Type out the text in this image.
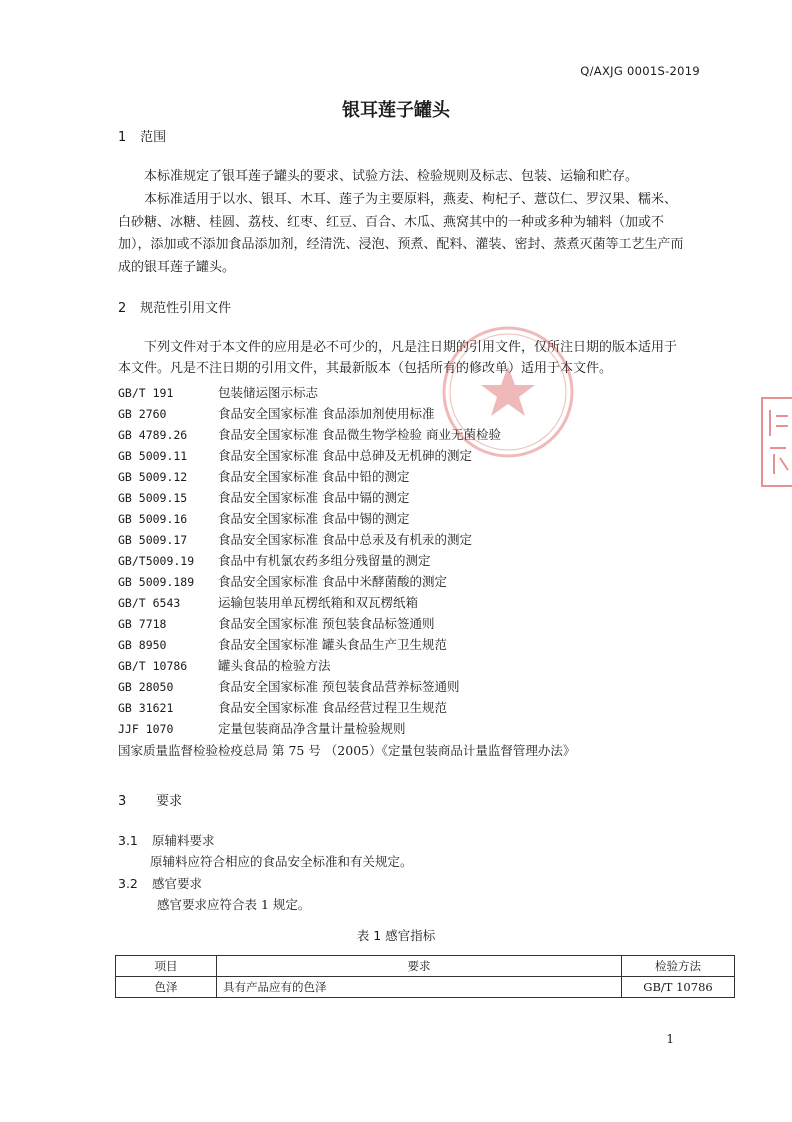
Q/AXJG 0001S-2019
银耳莲子罐头
1 范围

本标准规定了银耳莲子罐头的要求、试验方法、检验规则及标志、包装、运输和贮存。

本标准适用于以水、银耳、木耳、莲子为主要原料，燕麦、枸杞子、薏苡仁、罗汉果、糯米、白砂糖、冰糖、桂圆、荔枝、红枣、红豆、百合、木瓜、燕窝其中的一种或多种为辅料（加或不加），添加或不添加食品添加剂，经清洗、浸泡、预煮、配料、灌装、密封、蒸煮灭菌等工艺生产而成的银耳莲子罐头。

2 规范性引用文件

下列文件对于本文件的应用是必不可少的，凡是注日期的引用文件，仅所注日期的版本适用于本文件。凡是不注日期的引用文件，其最新版本（包括所有的修改单）适用于本文件。

GB/T 191	包装储运图示标志
GB 2760	食品安全国家标准 食品添加剂使用标准
GB 4789.26 食品安全国家标准 食品微生物学检验 商业无菌检验
GB 5009.11 食品安全国家标准 食品中总砷及无机砷的测定
GB 5009.12 食品安全国家标准 食品中铅的测定
GB 5009.15 食品安全国家标准 食品中镉的测定
GB 5009.16 食品安全国家标准 食品中锡的测定
GB 5009.17 食品安全国家标准 食品中总汞及有机汞的测定
GB/T5009.19 食品中有机氯农药多组分残留量的测定
GB 5009.189 食品安全国家标准 食品中米酵菌酸的测定
GB/T 6543	运输包装用单瓦楞纸箱和双瓦楞纸箱
GB 7718	食品安全国家标准 预包装食品标签通则
GB 8950	食品安全国家标准 罐头食品生产卫生规范
GB/T 10786 罐头食品的检验方法
GB 28050	食品安全国家标准 预包装食品营养标签通则
GB 31621	食品安全国家标准 食品经营过程卫生规范
JJF 1070	定量包装商品净含量计量检验规则
国家质量监督检验检疫总局 第 75 号 （2005）《定量包装商品计量监督管理办法》
3 要求
3.1 原辅料要求
原辅料应符合相应的食品安全标准和有关规定。
3.2 感官要求
感官要求应符合表 1 规定。
表 1 感官指标
项目	要求	检验方法
色泽	具有产品应有的色泽	GB/T 10786
1
